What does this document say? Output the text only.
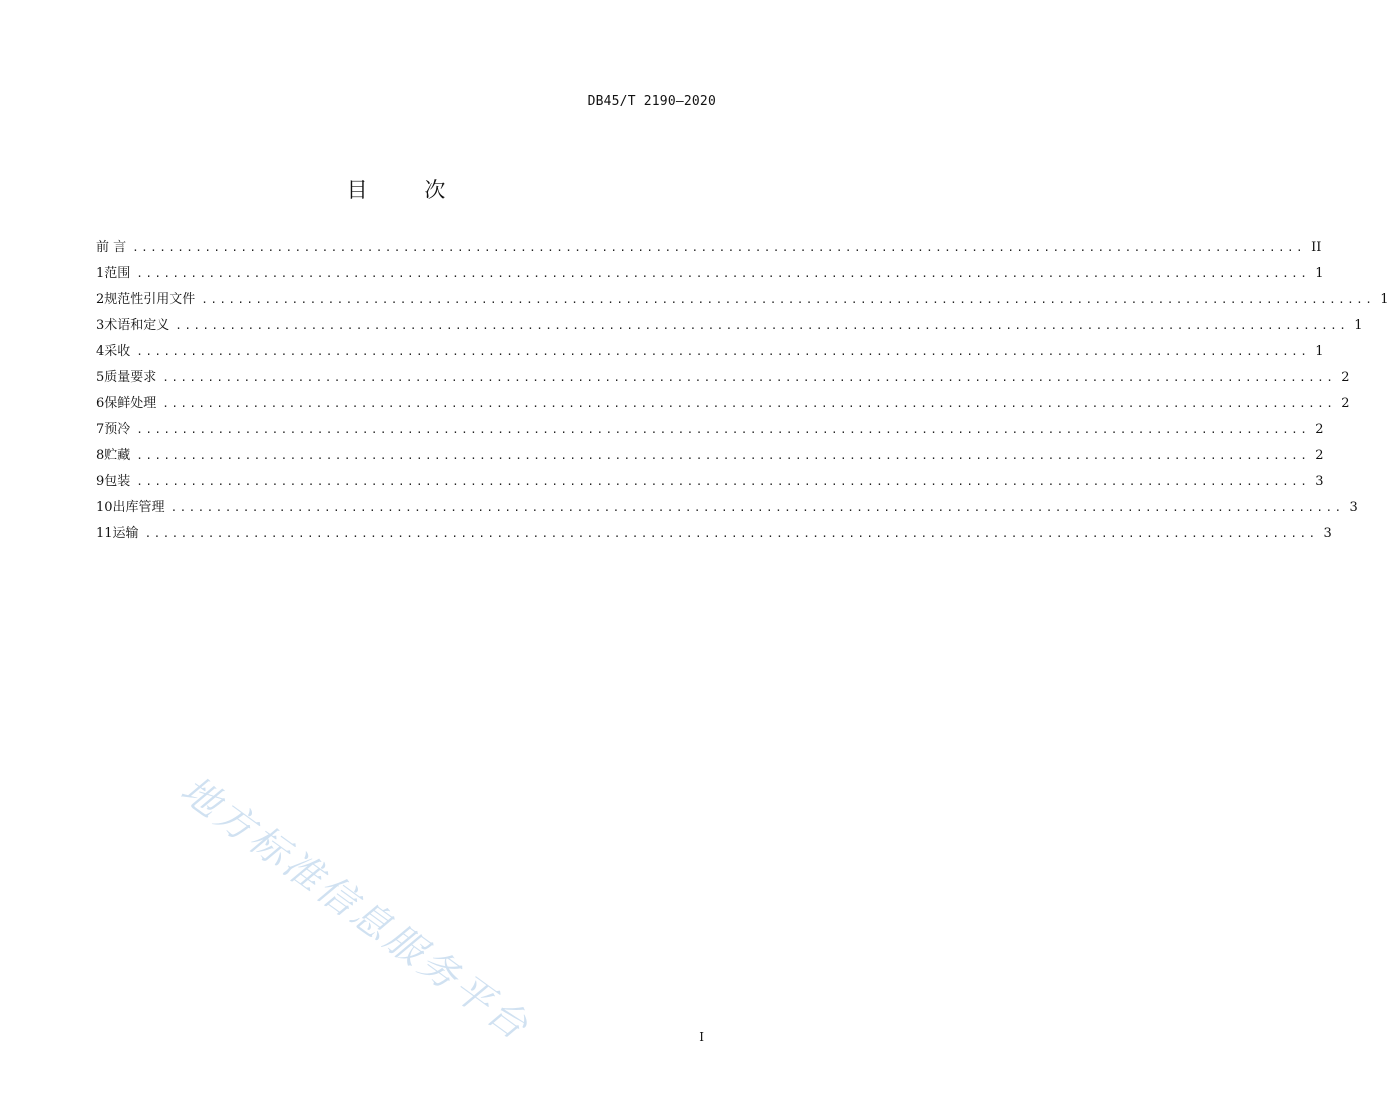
DB45/T 2190—2020
目	次
前 言 .................................................................................................................................. II
1 范围 .................................................................................................................................. 1
2 规范性引用文件 .................................................................................................................................. 1
3 术语和定义 .................................................................................................................................. 1
4 采收 .................................................................................................................................. 1
5 质量要求 .................................................................................................................................. 2
6 保鲜处理 .................................................................................................................................. 2
7 预冷 .................................................................................................................................. 2
8 贮藏 .................................................................................................................................. 2
9 包装 .................................................................................................................................. 3
10 出库管理 .................................................................................................................................. 3
11 运输 .................................................................................................................................. 3
地方标准信息服务平台	I
